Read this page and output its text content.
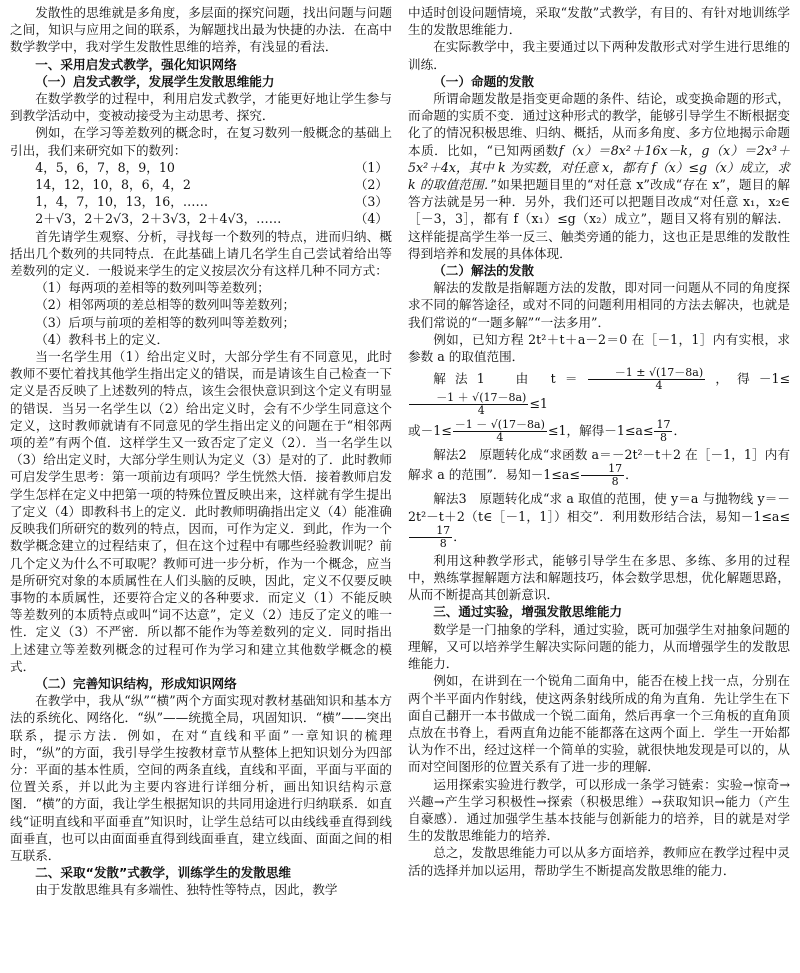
发散性的思维就是多角度，多层面的探究问题，找出问题与问题之间，知识与应用之间的联系，为解题找出最为快捷的办法．在高中数学教学中，我对学生发散性思维的培养，有浅显的看法．

一、采用启发式教学，强化知识网络
（一）启发式教学，发展学生发散思维能力

在数学教学的过程中，利用启发式教学，才能更好地让学生参与到教学活动中，变被动接受为主动思考、探究．

例如，在学习等差数列的概念时，在复习数列一般概念的基础上引出，我们来研究如下的数列：

4，5，6，7，8，9，10	（1）
14，12，10，8，6，4，2	（2）
1，4，7，10，13，16，……	（3）
2＋√3，2＋2√3，2＋3√3，2＋4√3，……	（4）

首先请学生观察、分析，寻找每一个数列的特点，进而归纳、概括出几个数列的共同特点．在此基础上请几名学生自己尝试着给出等差数列的定义．一般说来学生的定义按层次分有这样几种不同方式：

（1）每两项的差相等的数列叫等差数列；

（2）相邻两项的差总相等的数列叫等差数列；

（3）后项与前项的差相等的数列叫等差数列；

（4）教科书上的定义．

当一名学生用（1）给出定义时，大部分学生有不同意见，此时教师不要忙着找其他学生指出定义的错误，而是请该生自己检查一下定义是否反映了上述数列的特点，该生会很快意识到这个定义有明显的错误．当另一名学生以（2）给出定义时，会有不少学生同意这个定义，这时教师就请有不同意见的学生指出定义的问题在于“相邻两项的差”有两个值．这样学生又一致否定了定义（2）．当一名学生以（3）给出定义时，大部分学生则认为定义（3）是对的了．此时教师可启发学生思考：第一项前边有项吗？学生恍然大悟．接着教师启发学生怎样在定义中把第一项的特殊位置反映出来，这样就有学生提出了定义（4）即教科书上的定义．此时教师明确指出定义（4）能准确反映我们所研究的数列的特点，因而，可作为定义．到此，作为一个数学概念建立的过程结束了，但在这个过程中有哪些经验教训呢？前几个定义为什么不可取呢？教师可进一步分析，作为一个概念，应当是所研究对象的本质属性在人们头脑的反映，因此，定义不仅要反映事物的本质属性，还要符合定义的各种要求．而定义（1）不能反映等差数列的本质特点或叫“词不达意”，定义（2）违反了定义的唯一性．定义（3）不严密．所以都不能作为等差数列的定义．同时指出上述建立等差数列概念的过程可作为学习和建立其他数学概念的模式．

（二）完善知识结构，形成知识网络

在教学中，我从“纵”“横”两个方面实现对教材基础知识和基本方法的系统化、网络化．“纵”——统揽全局，巩固知识．“横”——突出联系，提示方法．例如，在对“直线和平面”一章知识的梳理时，“纵”的方面，我引导学生按教材章节从整体上把知识划分为四部分：平面的基本性质，空间的两条直线，直线和平面，平面与平面的位置关系，并以此为主要内容进行详细分析，画出知识结构示意图．“横”的方面，我让学生根据知识的共同用途进行归纳联系．如直线“证明直线和平面垂直”知识时，让学生总结可以由线线垂直得到线面垂直，也可以由面面垂直得到线面垂直，建立线面、面面之间的相互联系．

二、采取“发散”式教学，训练学生的发散思维

由于发散思维具有多端性、独特性等特点，因此，教学

中适时创设问题情境，采取“发散”式教学，有目的、有针对地训练学生的发散思维能力．

在实际教学中，我主要通过以下两种发散形式对学生进行思维的训练．

（一）命题的发散

所谓命题发散是指变更命题的条件、结论，或变换命题的形式，而命题的实质不变．通过这种形式的教学，能够引导学生不断根据变化了的情况积极思维、归纳、概括，从而多角度、多方位地揭示命题本质．比如，“已知两函数f（x）＝8x²＋16x－k，g（x）＝2x³＋5x²＋4x，其中 k 为实数，对任意 x，都有 f（x）≤g（x）成立，求 k 的取值范围．”如果把题目里的“对任意 x”改成“存在 x”，题目的解答方法就是另一种．另外，我们还可以把题目改成“对任意 x₁，x₂∈［－3，3］，都有 f（x₁）≤g（x₂）成立”，题目又将有别的解法．这样能提高学生举一反三、触类旁通的能力，这也正是思维的发散性得到培养和发展的具体体现．

（二）解法的发散

解法的发散是指解题方法的发散，即对同一问题从不同的角度探求不同的解答途径，或对不同的问题利用相同的方法去解决，也就是我们常说的“一题多解”“一法多用”．

例如，已知方程 2t²＋t＋a－2＝0 在［－1，1］内有实根，求参数 a 的取值范围．

解法1　 由 $t= \frac{-1 \pm √(17-8a)}{4}$ ，得－1≤
$\frac{-1 + √(17-8a)}{4} \le 1$

或$-1\le \frac{-1 - √(17-8a)}{4} \le 1$，解得$-1\le a\le \frac{17}{8}$ ．

解法2　 原题转化成“求函数 a＝－2t²－t＋2 在［－1，1］内有解求 a 的范围”．易知$-1\le a\le \frac{17}{8}$ ．

解法3　 原题转化成“求 a 取值的范围，使 y＝a 与抛物线 y＝－2t²－t＋2（t∈［－1，1］）相交”．利用数形结合法，易知－1≤a≤
$\frac{17}{8}$ ．

利用这种教学形式，能够引导学生在多思、多练、多用的过程中，熟练掌握解题方法和解题技巧，体会数学思想，优化解题思路，从而不断提高其创新意识．

三、通过实验，增强发散思维能力

数学是一门抽象的学科，通过实验，既可加强学生对抽象问题的理解，又可以培养学生解决实际问题的能力，从而增强学生的发散思维能力．

例如，在讲到在一个锐角二面角中，能否在棱上找一点，分别在两个半平面内作射线，使这两条射线所成的角为直角．先让学生在下面自己翻开一本书做成一个锐二面角，然后再拿一个三角板的直角顶点放在书脊上，看两直角边能不能都落在这两个面上．学生一开始都认为作不出，经过这样一个简单的实验，就很快地发现是可以的，从而对空间图形的位置关系有了进一步的理解．

运用探索实验进行教学，可以形成一条学习链索：实验→惊奇→兴趣→产生学习积极性→探索（积极思维）→获取知识→能力（产生自豪感）．通过加强学生基本技能与创新能力的培养，目的就是对学生的发散思维能力的培养．

总之，发散思维能力可以从多方面培养，教师应在教学过程中灵活的选择并加以运用，帮助学生不断提高发散思维的能力．
